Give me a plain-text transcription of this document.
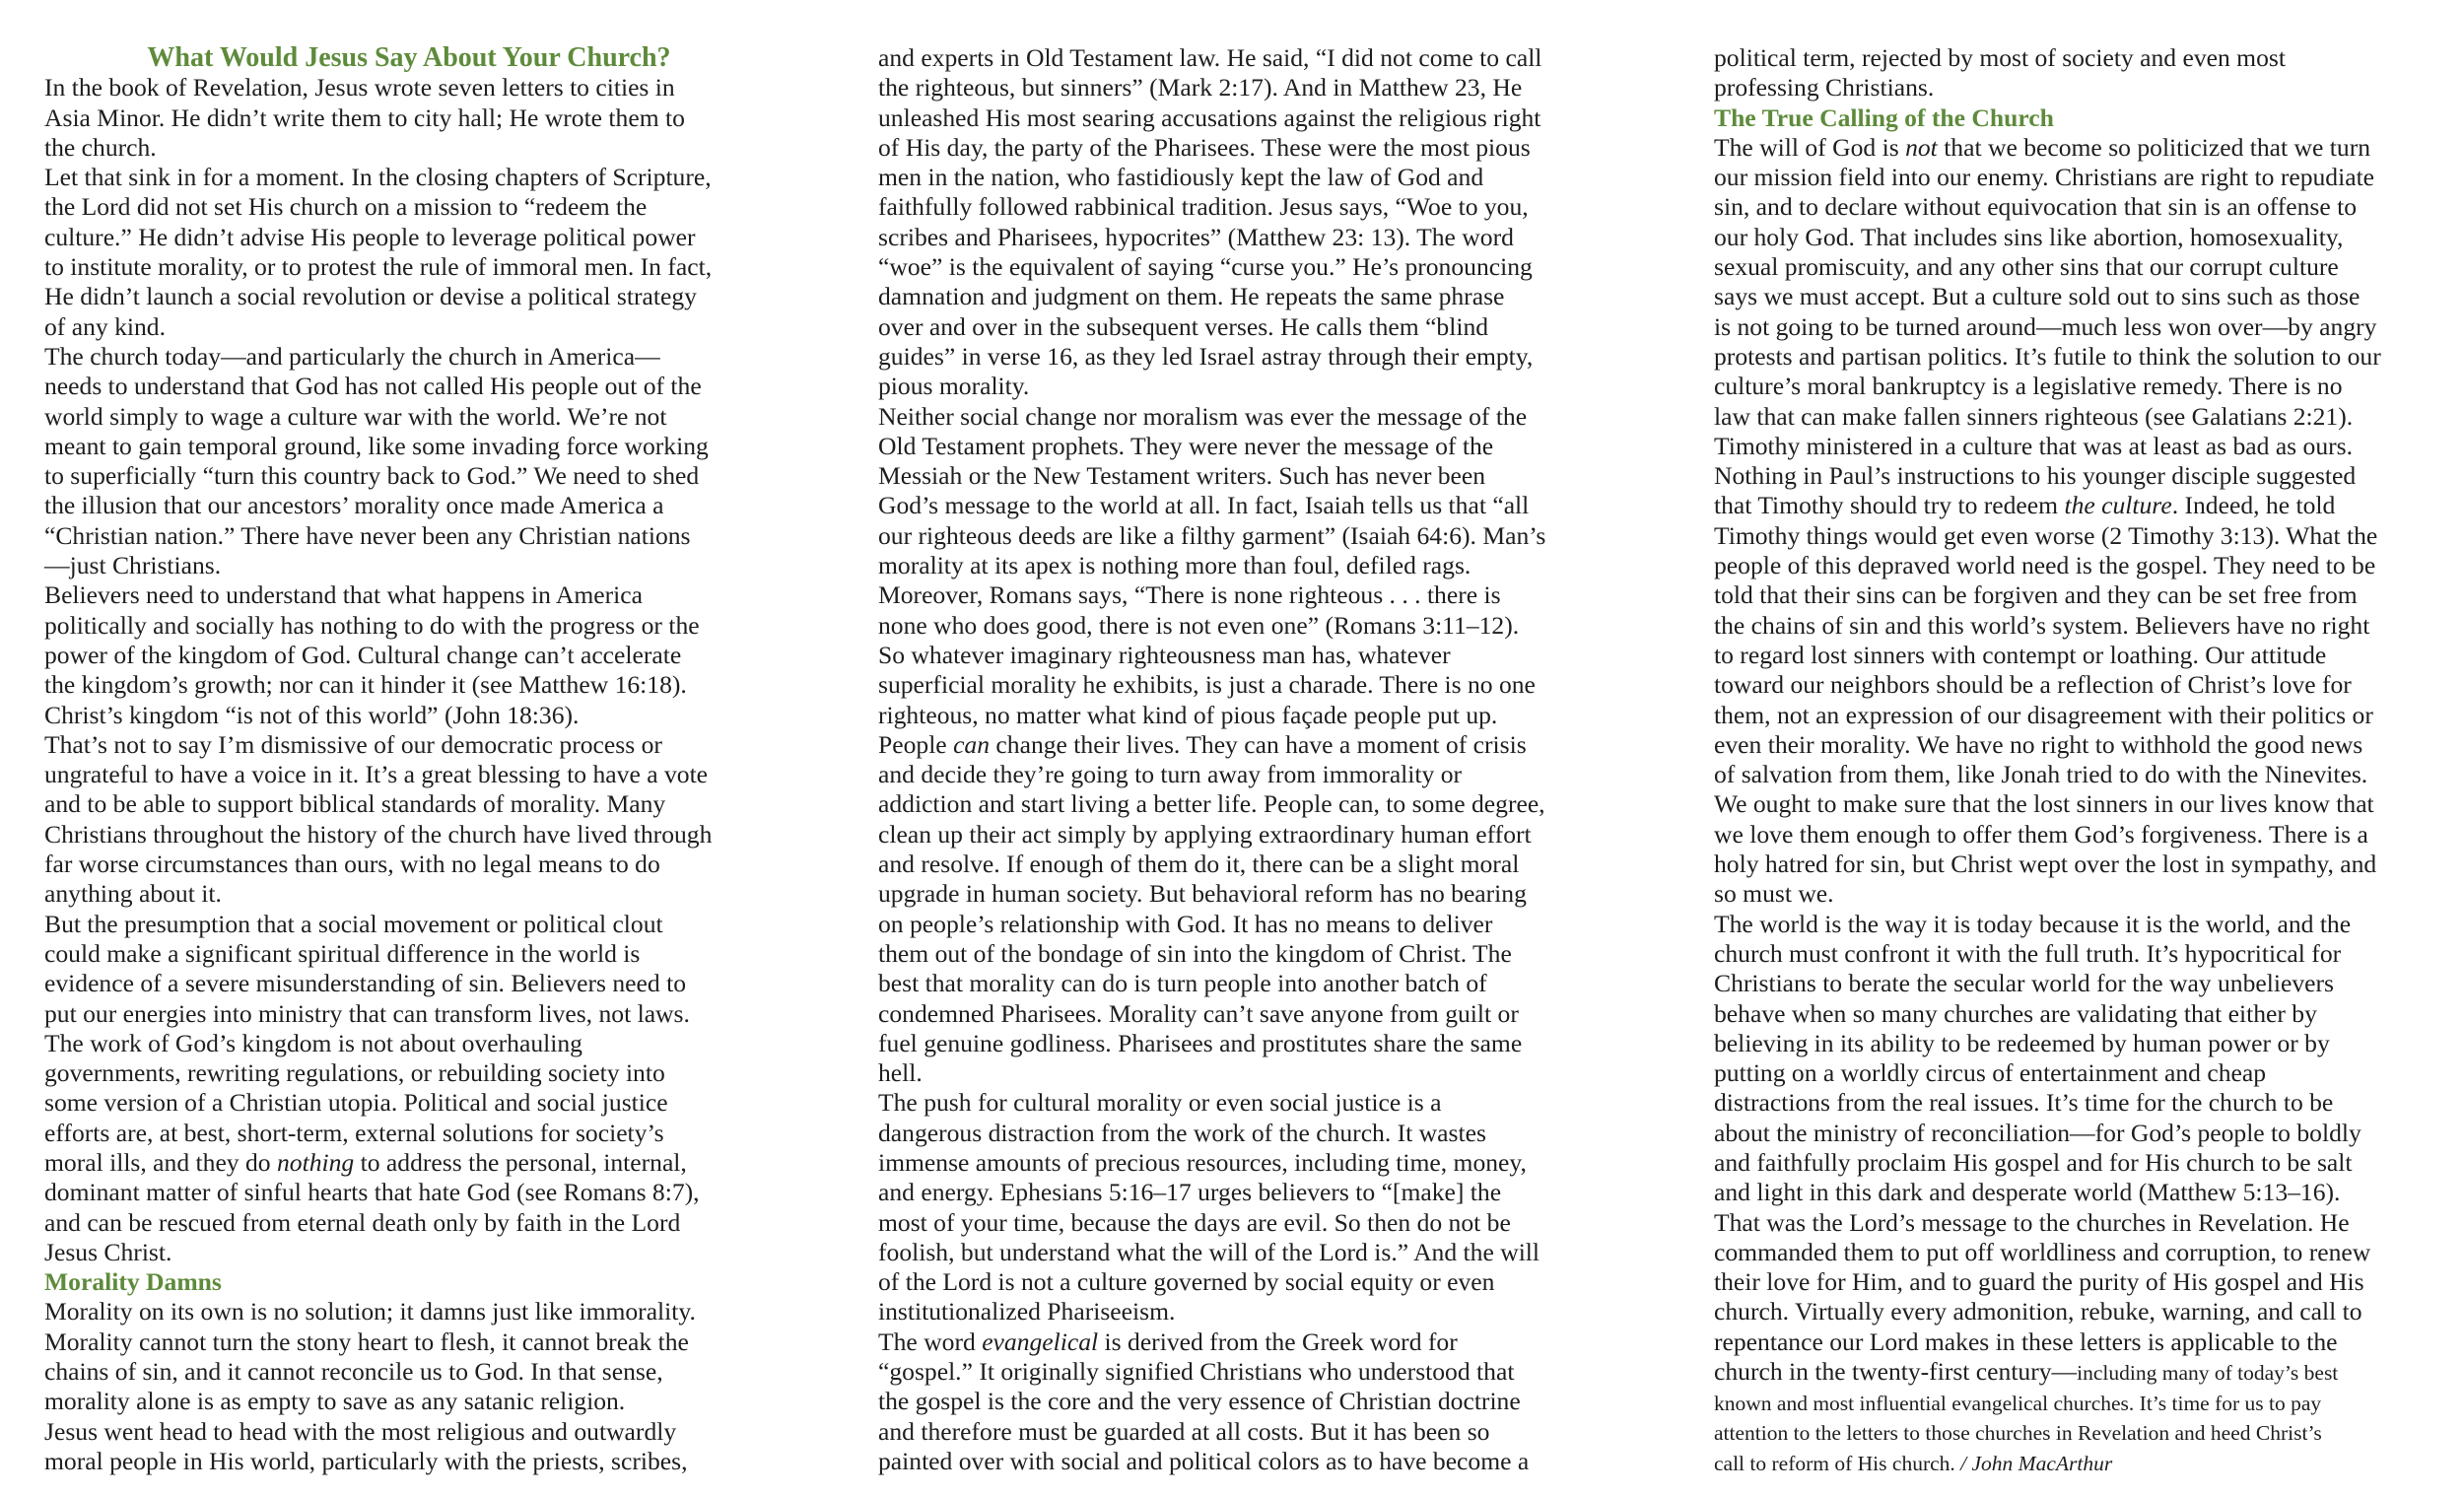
What Would Jesus Say About Your Church?

In the book of Revelation, Jesus wrote seven letters to cities in
Asia Minor. He didn’t write them to city hall; He wrote them to
the church.

Let that sink in for a moment. In the closing chapters of Scripture,
the Lord did not set His church on a mission to “redeem the
culture.” He didn’t advise His people to leverage political power
to institute morality, or to protest the rule of immoral men. In fact,
He didn’t launch a social revolution or devise a political strategy
of any kind.

The church today—and particularly the church in America—
needs to understand that God has not called His people out of the
world simply to wage a culture war with the world. We’re not
meant to gain temporal ground, like some invading force working
to superficially “turn this country back to God.” We need to shed
the illusion that our ancestors’ morality once made America a
“Christian nation.” There have never been any Christian nations
—just Christians.

Believers need to understand that what happens in America
politically and socially has nothing to do with the progress or the
power of the kingdom of God. Cultural change can’t accelerate
the kingdom’s growth; nor can it hinder it (see Matthew 16:18).
Christ’s kingdom “is not of this world” (John 18:36).

That’s not to say I’m dismissive of our democratic process or
ungrateful to have a voice in it. It’s a great blessing to have a vote
and to be able to support biblical standards of morality. Many
Christians throughout the history of the church have lived through
far worse circumstances than ours, with no legal means to do
anything about it.

But the presumption that a social movement or political clout
could make a significant spiritual difference in the world is
evidence of a severe misunderstanding of sin. Believers need to
put our energies into ministry that can transform lives, not laws.

The work of God’s kingdom is not about overhauling
governments, rewriting regulations, or rebuilding society into
some version of a Christian utopia. Political and social justice
efforts are, at best, short-term, external solutions for society’s
moral ills, and they do nothing to address the personal, internal,
dominant matter of sinful hearts that hate God (see Romans 8:7),
and can be rescued from eternal death only by faith in the Lord
Jesus Christ.

Morality Damns

Morality on its own is no solution; it damns just like immorality.
Morality cannot turn the stony heart to flesh, it cannot break the
chains of sin, and it cannot reconcile us to God. In that sense,
morality alone is as empty to save as any satanic religion.

Jesus went head to head with the most religious and outwardly
moral people in His world, particularly with the priests, scribes,

and experts in Old Testament law. He said, “I did not come to call
the righteous, but sinners” (Mark 2:17). And in Matthew 23, He
unleashed His most searing accusations against the religious right
of His day, the party of the Pharisees. These were the most pious
men in the nation, who fastidiously kept the law of God and
faithfully followed rabbinical tradition. Jesus says, “Woe to you,
scribes and Pharisees, hypocrites” (Matthew 23: 13). The word
“woe” is the equivalent of saying “curse you.” He’s pronouncing
damnation and judgment on them. He repeats the same phrase
over and over in the subsequent verses. He calls them “blind
guides” in verse 16, as they led Israel astray through their empty,
pious morality.

Neither social change nor moralism was ever the message of the
Old Testament prophets. They were never the message of the
Messiah or the New Testament writers. Such has never been
God’s message to the world at all. In fact, Isaiah tells us that “all
our righteous deeds are like a filthy garment” (Isaiah 64:6). Man’s
morality at its apex is nothing more than foul, defiled rags.
Moreover, Romans says, “There is none righteous . . . there is
none who does good, there is not even one” (Romans 3:11–12).
So whatever imaginary righteousness man has, whatever
superficial morality he exhibits, is just a charade. There is no one
righteous, no matter what kind of pious façade people put up.

People can change their lives. They can have a moment of crisis
and decide they’re going to turn away from immorality or
addiction and start living a better life. People can, to some degree,
clean up their act simply by applying extraordinary human effort
and resolve. If enough of them do it, there can be a slight moral
upgrade in human society. But behavioral reform has no bearing
on people’s relationship with God. It has no means to deliver
them out of the bondage of sin into the kingdom of Christ. The
best that morality can do is turn people into another batch of
condemned Pharisees. Morality can’t save anyone from guilt or
fuel genuine godliness. Pharisees and prostitutes share the same
hell.

The push for cultural morality or even social justice is a
dangerous distraction from the work of the church. It wastes
immense amounts of precious resources, including time, money,
and energy. Ephesians 5:16–17 urges believers to “[make] the
most of your time, because the days are evil. So then do not be
foolish, but understand what the will of the Lord is.” And the will
of the Lord is not a culture governed by social equity or even
institutionalized Phariseeism.

The word evangelical is derived from the Greek word for
“gospel.” It originally signified Christians who understood that
the gospel is the core and the very essence of Christian doctrine
and therefore must be guarded at all costs. But it has been so
painted over with social and political colors as to have become a

political term, rejected by most of society and even most
professing Christians.

The True Calling of the Church

The will of God is not that we become so politicized that we turn
our mission field into our enemy. Christians are right to repudiate
sin, and to declare without equivocation that sin is an offense to
our holy God. That includes sins like abortion, homosexuality,
sexual promiscuity, and any other sins that our corrupt culture
says we must accept. But a culture sold out to sins such as those
is not going to be turned around—much less won over—by angry
protests and partisan politics. It’s futile to think the solution to our
culture’s moral bankruptcy is a legislative remedy. There is no
law that can make fallen sinners righteous (see Galatians 2:21).

Timothy ministered in a culture that was at least as bad as ours.
Nothing in Paul’s instructions to his younger disciple suggested
that Timothy should try to redeem the culture. Indeed, he told
Timothy things would get even worse (2 Timothy 3:13). What the
people of this depraved world need is the gospel. They need to be
told that their sins can be forgiven and they can be set free from
the chains of sin and this world’s system. Believers have no right
to regard lost sinners with contempt or loathing. Our attitude
toward our neighbors should be a reflection of Christ’s love for
them, not an expression of our disagreement with their politics or
even their morality. We have no right to withhold the good news
of salvation from them, like Jonah tried to do with the Ninevites.
We ought to make sure that the lost sinners in our lives know that
we love them enough to offer them God’s forgiveness. There is a
holy hatred for sin, but Christ wept over the lost in sympathy, and
so must we.

The world is the way it is today because it is the world, and the
church must confront it with the full truth. It’s hypocritical for
Christians to berate the secular world for the way unbelievers
behave when so many churches are validating that either by
believing in its ability to be redeemed by human power or by
putting on a worldly circus of entertainment and cheap
distractions from the real issues. It’s time for the church to be
about the ministry of reconciliation—for God’s people to boldly
and faithfully proclaim His gospel and for His church to be salt
and light in this dark and desperate world (Matthew 5:13–16).

That was the Lord’s message to the churches in Revelation. He
commanded them to put off worldliness and corruption, to renew
their love for Him, and to guard the purity of His gospel and His
church. Virtually every admonition, rebuke, warning, and call to
repentance our Lord makes in these letters is applicable to the
church in the twenty-first century—including many of today’s best
known and most influential evangelical churches. It’s time for us to pay
attention to the letters to those churches in Revelation and heed Christ’s
call to reform of His church. / John MacArthur
